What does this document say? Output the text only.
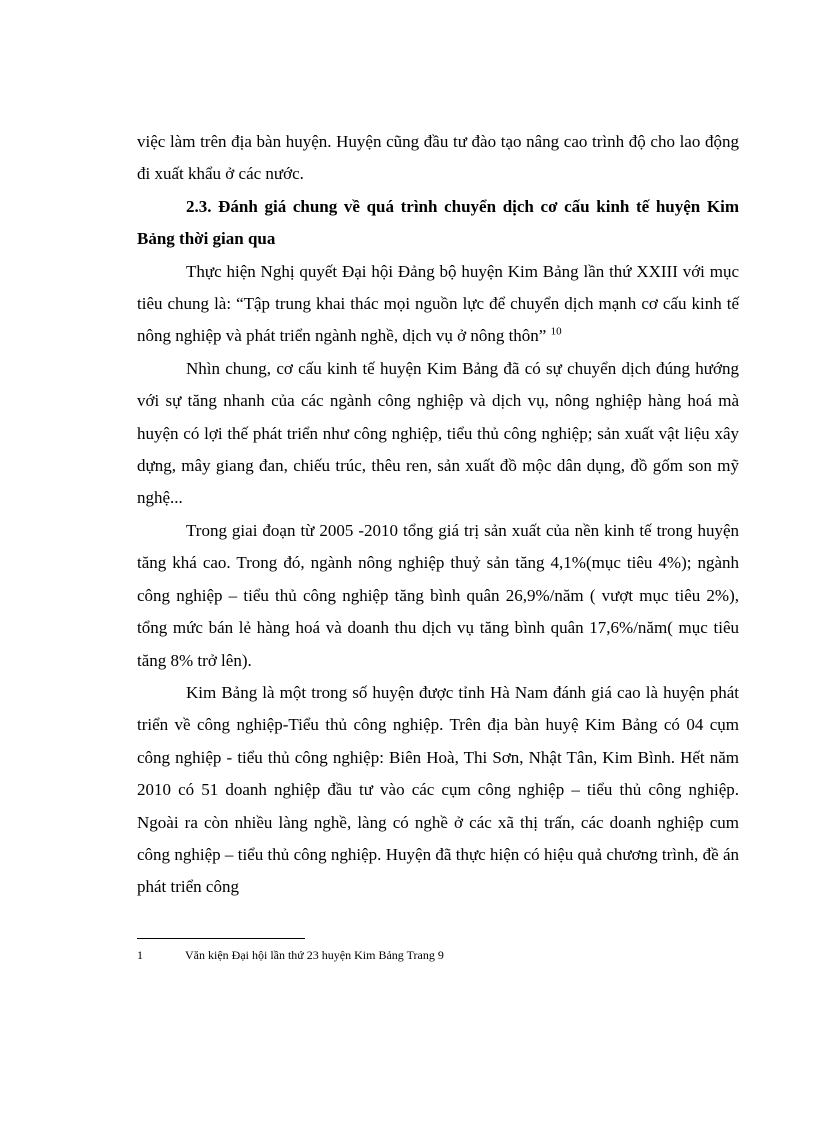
việc làm trên địa bàn huyện. Huyện cũng đầu tư đào tạo nâng cao trình độ cho lao động đi xuất khẩu ở các nước.

2.3. Đánh giá chung về quá trình chuyển dịch cơ cấu kinh tế huyện Kim Bảng thời gian qua

Thực hiện Nghị quyết Đại hội Đảng bộ huyện Kim Bảng lần thứ XXIII với mục tiêu chung là: “Tập trung khai thác mọi nguồn lực để chuyển dịch mạnh cơ cấu kinh tế nông nghiệp và phát triển ngành nghề, dịch vụ ở nông thôn” $^{10}$

Nhìn chung, cơ cấu kinh tế huyện Kim Bảng đã có sự chuyển dịch đúng hướng với sự tăng nhanh của các ngành công nghiệp và dịch vụ, nông nghiệp hàng hoá mà huyện có lợi thế phát triển như công nghiệp, tiểu thủ công nghiệp; sản xuất vật liệu xây dựng, mây giang đan, chiếu trúc, thêu ren, sản xuất đồ mộc dân dụng, đồ gốm son mỹ nghệ...

Trong giai đoạn từ 2005 -2010 tổng giá trị sản xuất của nền kinh tế trong huyện tăng khá cao. Trong đó, ngành nông nghiệp thuỷ sản tăng 4,1%(mục tiêu 4%); ngành công nghiệp – tiểu thủ công nghiệp tăng bình quân 26,9%/năm ( vượt mục tiêu 2%), tổng mức bán lẻ hàng hoá và doanh thu dịch vụ tăng bình quân 17,6%/năm( mục tiêu tăng 8% trở lên).

Kim Bảng là một trong số huyện được tỉnh Hà Nam đánh giá cao là huyện phát triển về công nghiệp-Tiểu thủ công nghiệp. Trên địa bàn huyệ Kim Bảng có 04 cụm công nghiệp - tiểu thủ công nghiệp: Biên Hoà, Thi Sơn, Nhật Tân, Kim Bình. Hết năm 2010 có 51 doanh nghiệp đầu tư vào các cụm công nghiệp – tiểu thủ công nghiệp. Ngoài ra còn nhiều làng nghề, làng có nghề ở các xã thị trấn, các doanh nghiệp cum công nghiệp – tiểu thủ công nghiệp. Huyện đã thực hiện có hiệu quả chương trình, đề án phát triển công

1	Văn kiện Đại hội lần thứ 23 huyện Kim Bảng Trang 9
